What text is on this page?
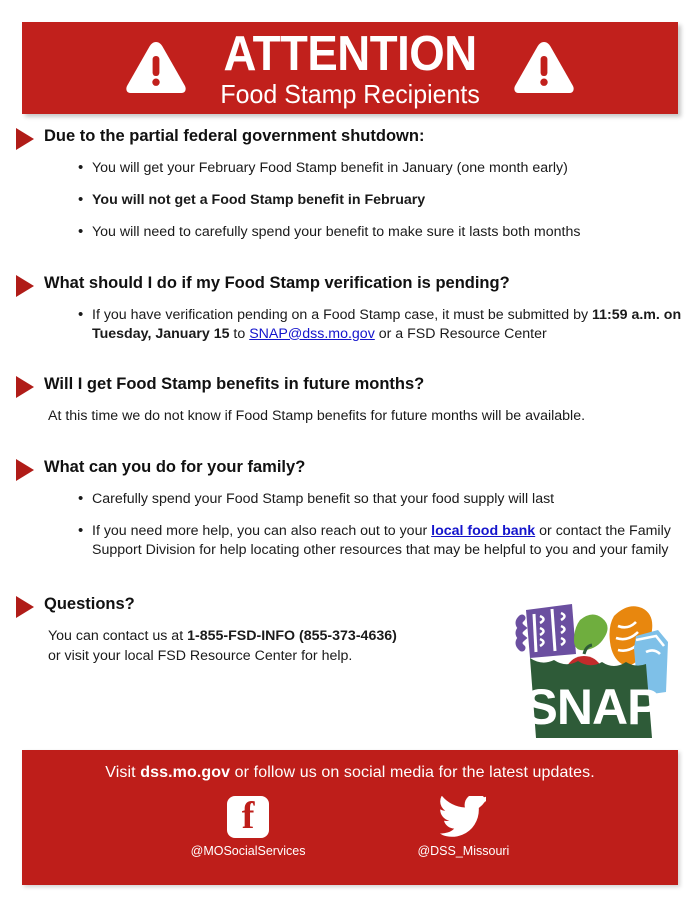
ATTENTION
Food Stamp Recipients
Due to the partial federal government shutdown:
• You will get your February Food Stamp benefit in January (one month early)
• You will not get a Food Stamp benefit in February
• You will need to carefully spend your benefit to make sure it lasts both months
What should I do if my Food Stamp verification is pending?
• If you have verification pending on a Food Stamp case, it must be submitted by 11:59 a.m. on Tuesday, January 15 to SNAP@dss.mo.gov or a FSD Resource Center
Will I get Food Stamp benefits in future months?

At this time we do not know if Food Stamp benefits for future months will be available.

What can you do for your family?
• Carefully spend your Food Stamp benefit so that your food supply will last
• If you need more help, you can also reach out to your local food bank or contact the Family Support Division for help locating other resources that may be helpful to you and your family
Questions?

You can contact us at 1-855-FSD-INFO (855-373-4636)
or visit your local FSD Resource Center for help.

SNAP
Visit dss.mo.gov or follow us on social media for the latest updates.
f
@MOSocialServices	@DSS_Missouri
